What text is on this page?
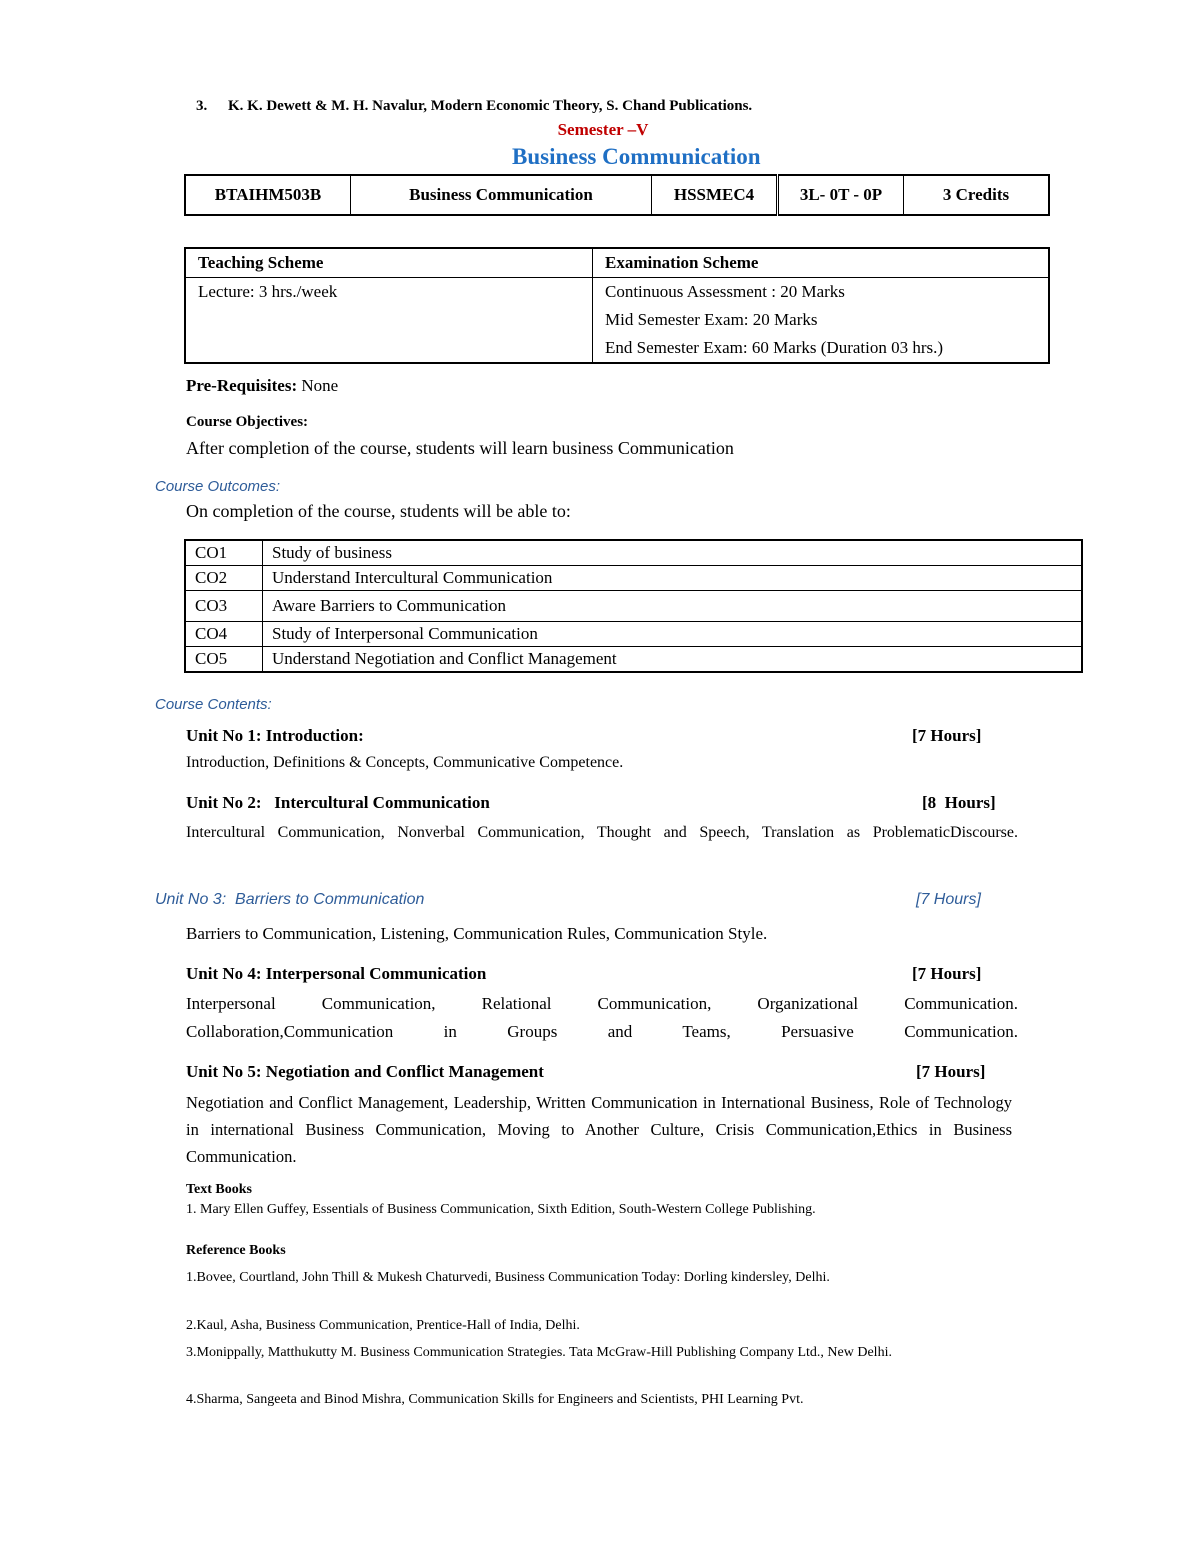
3. K. K. Dewett & M. H. Navalur, Modern Economic Theory, S. Chand Publications.
Semester –V
Business Communication
BTAIHM503B	Business Communication	HSSMEC4	3L- 0T - 0P	3 Credits
Teaching Scheme	Examination Scheme
Lecture: 3 hrs./week	Continuous Assessment : 20 Marks
	Mid Semester Exam: 20 Marks
	End Semester Exam: 60 Marks (Duration 03 hrs.)
Pre-Requisites: None
Course Objectives:
After completion of the course, students will learn business Communication
Course Outcomes:
On completion of the course, students will be able to:
CO1	Study of business
CO2	Understand Intercultural Communication
CO3	Aware Barriers to Communication
CO4	Study of Interpersonal Communication
CO5	Understand Negotiation and Conflict Management
Course Contents:
Unit No 1: Introduction:	[7 Hours]
Introduction, Definitions & Concepts, Communicative Competence.
Unit No 2:   Intercultural Communication	[8  Hours]
Intercultural Communication, Nonverbal Communication, Thought and Speech, Translation as ProblematicDiscourse.
Unit No 3:  Barriers to Communication	[7 Hours]
Barriers to Communication, Listening, Communication Rules, Communication Style.
Unit No 4: Interpersonal Communication	[7 Hours]
Interpersonal Communication, Relational Communication, Organizational Communication. Collaboration,Communication in Groups and Teams, Persuasive Communication.
Unit No 5: Negotiation and Conflict Management	[7 Hours]
Negotiation and Conflict Management, Leadership, Written Communication in International Business, Role of Technology in international Business Communication, Moving to Another Culture, Crisis Communication,Ethics in Business Communication.
Text Books
1. Mary Ellen Guffey, Essentials of Business Communication, Sixth Edition, South-Western College Publishing.
Reference Books
1.Bovee, Courtland, John Thill & Mukesh Chaturvedi, Business Communication Today: Dorling kindersley, Delhi.
2.Kaul, Asha, Business Communication, Prentice-Hall of India, Delhi.
3.Monippally, Matthukutty M. Business Communication Strategies. Tata McGraw-Hill Publishing Company Ltd., New Delhi.
4.Sharma, Sangeeta and Binod Mishra, Communication Skills for Engineers and Scientists, PHI Learning Pvt.
